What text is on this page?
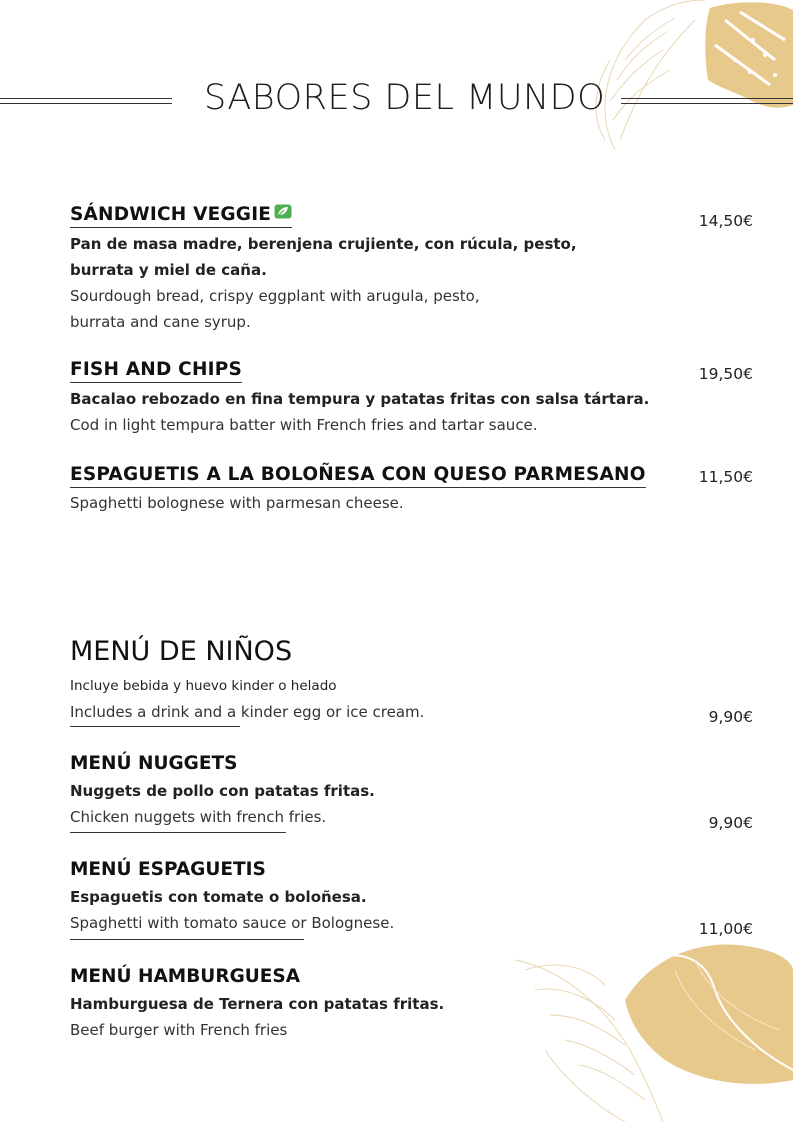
SABORES DEL MUNDO
SÁNDWICH VEGGIE
Pan de masa madre, berenjena crujiente, con rúcula, pesto,
burrata y miel de caña.
Sourdough bread, crispy eggplant with arugula, pesto,
burrata and cane syrup.
14,50€
FISH AND CHIPS
Bacalao rebozado en fina tempura y patatas fritas con salsa tártara.
Cod in light tempura batter with French fries and tartar sauce.
19,50€
ESPAGUETIS A LA BOLOÑESA CON QUESO PARMESANO
Spaghetti bolognese with parmesan cheese.
11,50€
MENÚ DE NIÑOS
Incluye bebida y huevo kinder o helado
Includes a drink and a kinder egg or ice cream.	9,90€
MENÚ NUGGETS
Nuggets de pollo con patatas fritas.
Chicken nuggets with french fries.	9,90€
MENÚ ESPAGUETIS
Espaguetis con tomate o boloñesa.
Spaghetti with tomato sauce or Bolognese.	11,00€
MENÚ HAMBURGUESA
Hamburguesa de Ternera con patatas fritas.
Beef burger with French fries
